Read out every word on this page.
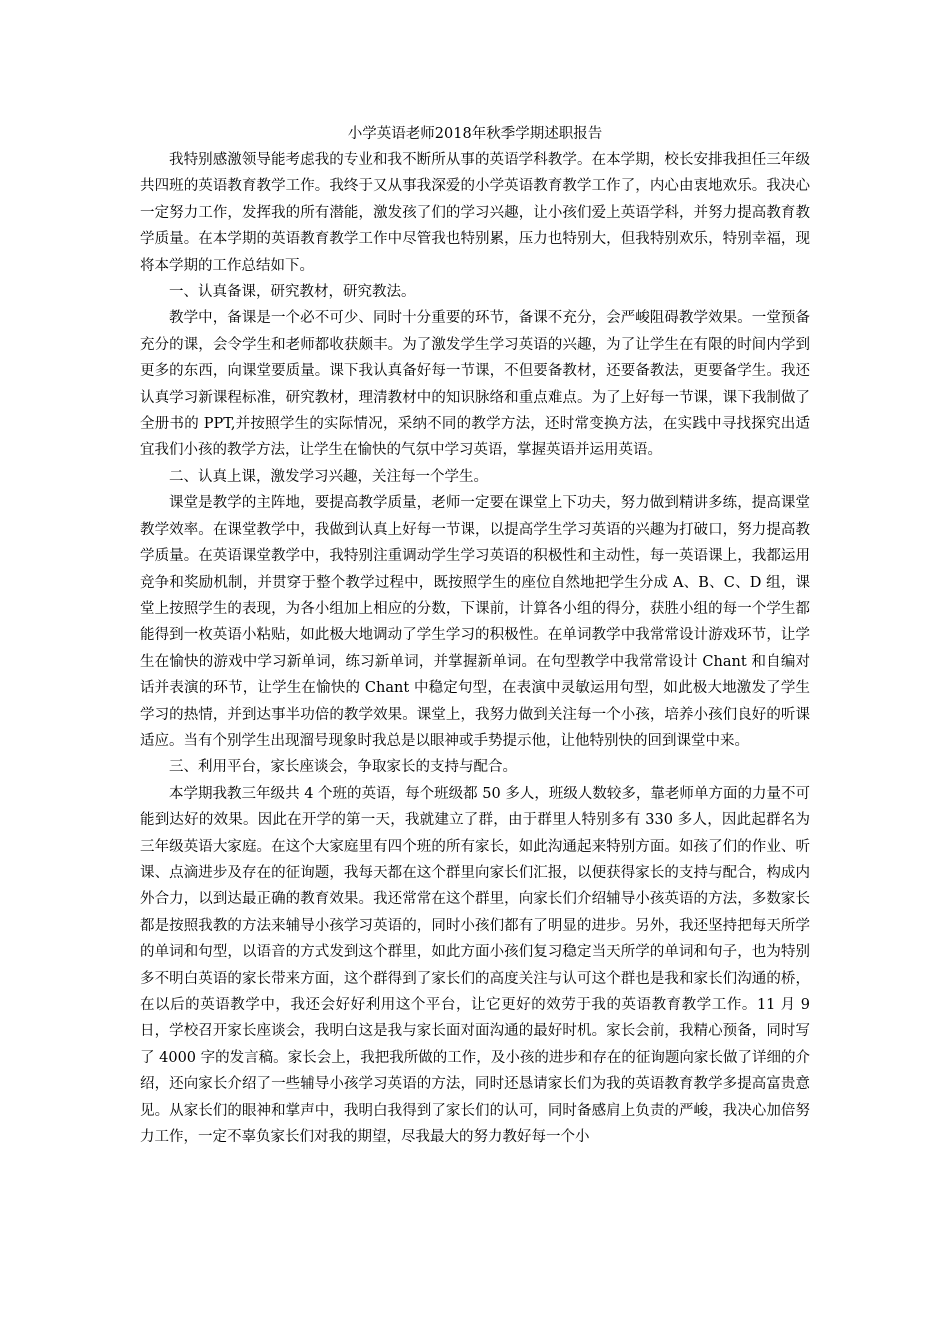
小学英语老师2018年秋季学期述职报告

我特别感激领导能考虑我的专业和我不断所从事的英语学科教学。在本学期，校长安排我担任三年级共四班的英语教育教学工作。我终于又从事我深爱的小学英语教育教学工作了，内心由衷地欢乐。我决心一定努力工作，发挥我的所有潜能，激发孩了们的学习兴趣，让小孩们爱上英语学科，并努力提高教育教学质量。在本学期的英语教育教学工作中尽管我也特别累，压力也特别大，但我特别欢乐，特别幸福，现将本学期的工作总结如下。

一、认真备课，研究教材，研究教法。

教学中，备课是一个必不可少、同时十分重要的环节，备课不充分，会严峻阻碍教学效果。一堂预备充分的课，会令学生和老师都收获颇丰。为了激发学生学习英语的兴趣，为了让学生在有限的时间内学到更多的东西，向课堂要质量。课下我认真备好每一节课，不但要备教材，还要备教法，更要备学生。我还认真学习新课程标准，研究教材，理清教材中的知识脉络和重点难点。为了上好每一节课，课下我制做了全册书的 PPT,并按照学生的实际情况，采纳不同的教学方法，还时常变换方法，在实践中寻找探究出适宜我们小孩的教学方法，让学生在愉快的气氛中学习英语，掌握英语并运用英语。

二、认真上课，激发学习兴趣，关注每一个学生。

课堂是教学的主阵地，要提高教学质量，老师一定要在课堂上下功夫，努力做到精讲多练，提高课堂教学效率。在课堂教学中，我做到认真上好每一节课，以提高学生学习英语的兴趣为打破口，努力提高教学质量。在英语课堂教学中，我特别注重调动学生学习英语的积极性和主动性，每一英语课上，我都运用竞争和奖励机制，并贯穿于整个教学过程中，既按照学生的座位自然地把学生分成 A、B、C、D 组，课堂上按照学生的表现，为各小组加上相应的分数，下课前，计算各小组的得分，获胜小组的每一个学生都能得到一枚英语小粘贴，如此极大地调动了学生学习的积极性。在单词教学中我常常设计游戏环节，让学生在愉快的游戏中学习新单词，练习新单词，并掌握新单词。在句型教学中我常常设计 Chant 和自编对话并表演的环节，让学生在愉快的 Chant 中稳定句型，在表演中灵敏运用句型，如此极大地激发了学生学习的热情，并到达事半功倍的教学效果。课堂上，我努力做到关注每一个小孩，培养小孩们良好的听课适应。当有个别学生出现溜号现象时我总是以眼神或手势提示他，让他特别快的回到课堂中来。

三、利用平台，家长座谈会，争取家长的支持与配合。

本学期我教三年级共 4 个班的英语，每个班级都 50 多人，班级人数较多，靠老师单方面的力量不可能到达好的效果。因此在开学的第一天，我就建立了群，由于群里人特别多有 330 多人，因此起群名为三年级英语大家庭。在这个大家庭里有四个班的所有家长，如此沟通起来特别方面。如孩了们的作业、听课、点滴进步及存在的征询题，我每天都在这个群里向家长们汇报，以便获得家长的支持与配合，构成内外合力，以到达最正确的教育效果。我还常常在这个群里，向家长们介绍辅导小孩英语的方法，多数家长都是按照我教的方法来辅导小孩学习英语的，同时小孩们都有了明显的进步。另外，我还坚持把每天所学的单词和句型，以语音的方式发到这个群里，如此方面小孩们复习稳定当天所学的单词和句子，也为特别多不明白英语的家长带来方面，这个群得到了家长们的高度关注与认可这个群也是我和家长们沟通的桥，在以后的英语教学中，我还会好好利用这个平台，让它更好的效劳于我的英语教育教学工作。11 月 9 日，学校召开家长座谈会，我明白这是我与家长面对面沟通的最好时机。家长会前，我精心预备，同时写了 4000 字的发言稿。家长会上，我把我所做的工作，及小孩的进步和存在的征询题向家长做了详细的介绍，还向家长介绍了一些辅导小孩学习英语的方法，同时还恳请家长们为我的英语教育教学多提高富贵意见。从家长们的眼神和掌声中，我明白我得到了家长们的认可，同时备感肩上负责的严峻，我决心加倍努力工作，一定不辜负家长们对我的期望，尽我最大的努力教好每一个小
